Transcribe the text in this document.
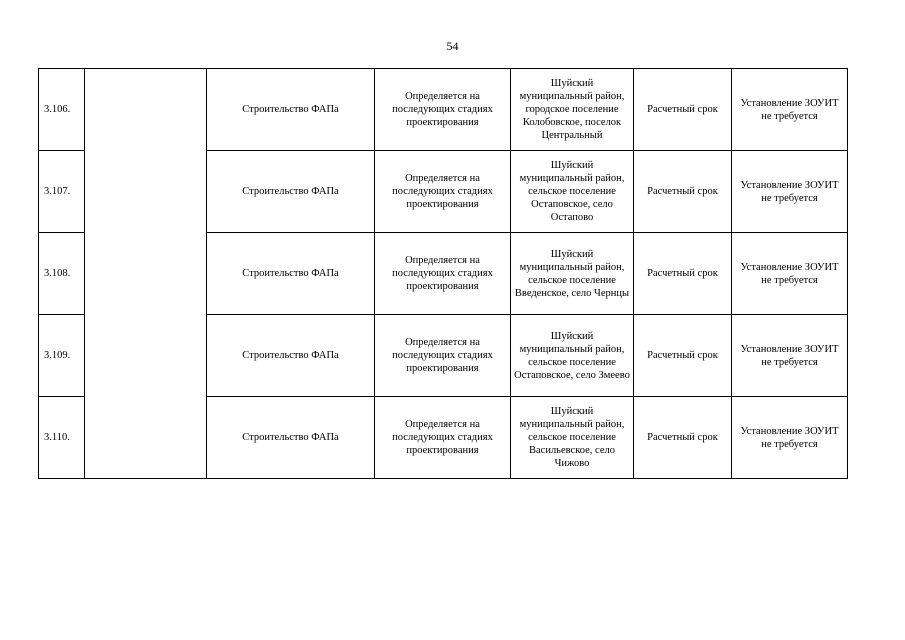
54
3.106.		Строительство ФАПа	Определяется на последующих стадиях проектирования	Шуйский муниципальный район, городское поселение Колобовское, поселок Центральный	Расчетный срок	Установление ЗОУИТ не требуется
3.107.		Строительство ФАПа	Определяется на последующих стадиях проектирования	Шуйский муниципальный район, сельское поселение Остаповское, село Остапово	Расчетный срок	Установление ЗОУИТ не требуется
3.108.		Строительство ФАПа	Определяется на последующих стадиях проектирования	Шуйский муниципальный район, сельское поселение Введенское, село Чернцы	Расчетный срок	Установление ЗОУИТ не требуется
3.109.		Строительство ФАПа	Определяется на последующих стадиях проектирования	Шуйский муниципальный район, сельское поселение Остаповское, село Змеево	Расчетный срок	Установление ЗОУИТ не требуется
3.110.		Строительство ФАПа	Определяется на последующих стадиях проектирования	Шуйский муниципальный район, сельское поселение Васильевское, село Чижово	Расчетный срок	Установление ЗОУИТ не требуется
